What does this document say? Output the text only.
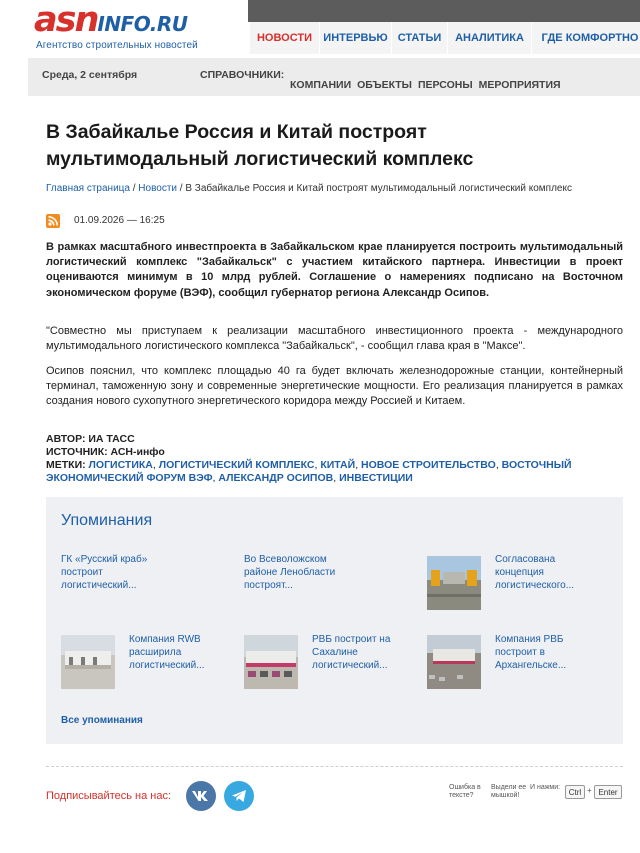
asnINFO.RU
Агентство строительных новостей
НОВОСТИ	ИНТЕРВЬЮ СТАТЬИ	АНАЛИТИКА	ГДЕ КОМФОРТНО
Среда, 2 сентября	СПРАВОЧНИКИ:
КОМПАНИИ ОБЪЕКТЫ ПЕРСОНЫ МЕРОПРИЯТИЯ
В Забайкалье Россия и Китай построят мультимодальный логистический комплекс
Главная страница / Новости / В Забайкалье Россия и Китай построят мультимодальный логистический комплекс
01.09.2026 — 16:25

В рамках масштабного инвестпроекта в Забайкальском крае планируется построить мультимодальный логистический комплекс "Забайкальск" с участием китайского партнера. Инвестиции в проект оцениваются минимум в 10 млрд рублей. Соглашение о намерениях подписано на Восточном экономическом форуме (ВЭФ), сообщил губернатор региона Александр Осипов.

"Совместно мы приступаем к реализации масштабного инвестиционного проекта - международного мультимодального логистического комплекса "Забайкальск", - сообщил глава края в "Максе".

Осипов пояснил, что комплекс площадью 40 га будет включать железнодорожные станции, контейнерный терминал, таможенную зону и современные энергетические мощности. Его реализация планируется в рамках создания нового сухопутного энергетического коридора между Россией и Китаем.

АВТОР: ИА ТАСС
ИСТОЧНИК: АСН-инфо
МЕТКИ: ЛОГИСТИКА, ЛОГИСТИЧЕСКИЙ КОМПЛЕКС, КИТАЙ, НОВОЕ СТРОИТЕЛЬСТВО, ВОСТОЧНЫЙ ЭКОНОМИЧЕСКИЙ ФОРУМ ВЭФ, АЛЕКСАНДР ОСИПОВ, ИНВЕСТИЦИИ
Упоминания
ГК «Русский краб» построит логистический...
Во Всеволожском районе Ленобласти построят...
Согласована концепция логистического...
Компания RWB расширила логистический...
РВБ построит на Сахалине логистический...
Компания РВБ построит в Архангельске...
Все упоминания
Подписывайтесь на нас:
Ошибка в тексте?
Выдели ее мышкой!
И нажми:	Ctrl + Enter
